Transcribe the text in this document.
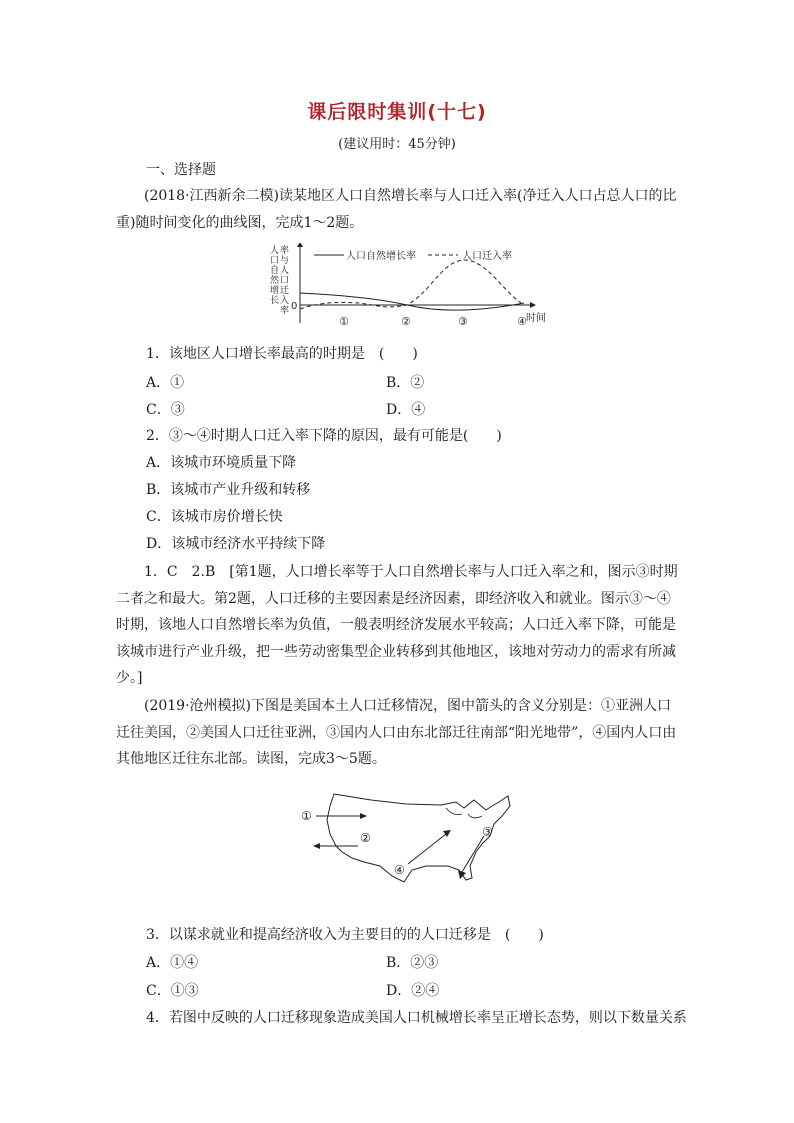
课后限时集训(十七)
(建议用时：45分钟)
一、选择题
(2018·江西新余二模)读某地区人口自然增长率与人口迁入率(净迁入人口占总人口的比重)随时间变化的曲线图，完成1～2题。
人口自然增长率与人口迁入率 0
时间
人口自然增长率	人口迁入率
①	②	③	④
1．该地区人口增长率最高的时期是　(　　)
A．①	B．②
C．③	D．④
2．③～④时期人口迁入率下降的原因，最有可能是(　　)
A．该城市环境质量下降
B．该城市产业升级和转移
C．该城市房价增长快
D．该城市经济水平持续下降
1．C　2.B　[第1题，人口增长率等于人口自然增长率与人口迁入率之和，图示③时期二者之和最大。第2题，人口迁移的主要因素是经济因素，即经济收入和就业。图示③～④时期，该地人口自然增长率为负值，一般表明经济发展水平较高；人口迁入率下降，可能是该城市进行产业升级，把一些劳动密集型企业转移到其他地区，该地对劳动力的需求有所减少。]
(2019·沧州模拟)下图是美国本土人口迁移情况，图中箭头的含义分别是：①亚洲人口迁往美国，②美国人口迁往亚洲，③国内人口由东北部迁往南部“阳光地带”，④国内人口由其他地区迁往东北部。读图，完成3～5题。
①
②	③
④
3．以谋求就业和提高经济收入为主要目的的人口迁移是　(　　)
A．①④	B．②③
C．①③	D．②④
4．若图中反映的人口迁移现象造成美国人口机械增长率呈正增长态势，则以下数量关系
